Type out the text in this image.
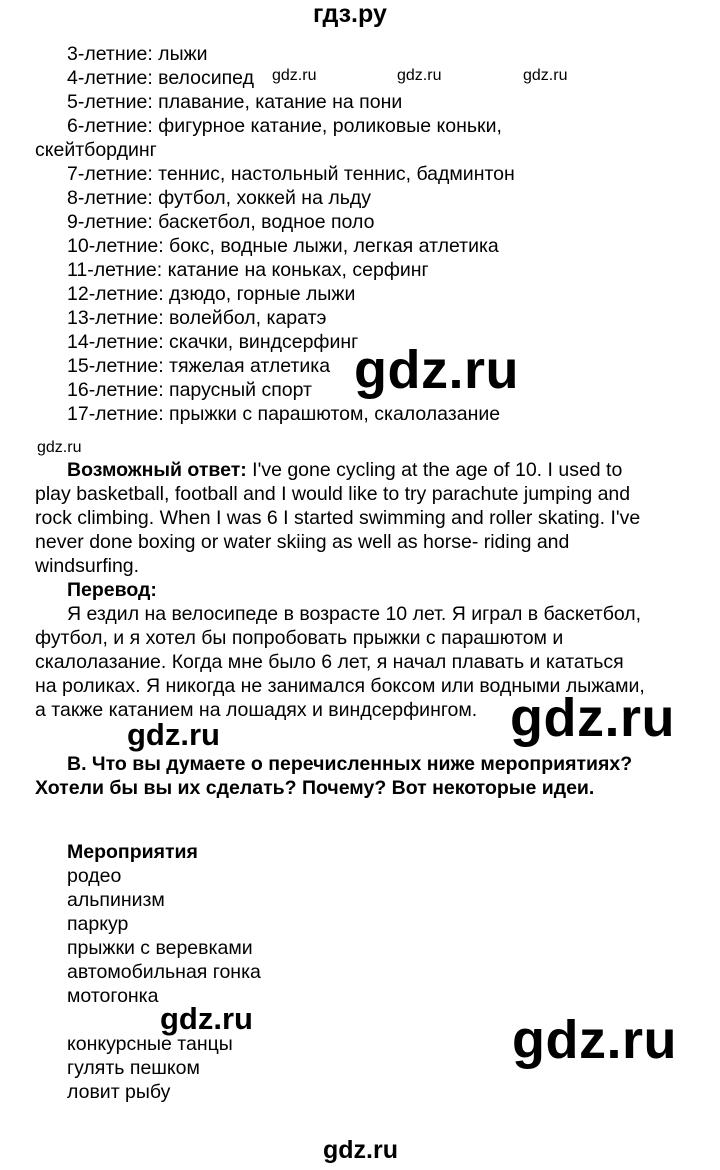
гдз.ру
gdz.ru
3-летние: лыжи
4-летние: велосипед
5-летние: плавание, катание на пони
6-летние: фигурное катание, роликовые коньки,
скейтбординг
7-летние: теннис, настольный теннис, бадминтон
8-летние: футбол, хоккей на льду
9-летние: баскетбол, водное поло
10-летние: бокс, водные лыжи, легкая атлетика
11-летние: катание на коньках, серфинг
12-летние: дзюдо, горные лыжи
13-летние: волейбол, каратэ
14-летние: скачки, виндсерфинг
15-летние: тяжелая атлетика
16-летние: парусный спорт
17-летние: прыжки с парашютом, скалолазание
Возможный ответ: I've gone cycling at the age of 10. I used to
play basketball, football and I would like to try parachute jumping and
rock climbing. When I was 6 I started swimming and roller skating. I've
never done boxing or water skiing as well as horse- riding and
windsurfing.
Перевод:
Я ездил на велосипеде в возрасте 10 лет. Я играл в баскетбол,
футбол, и я хотел бы попробовать прыжки с парашютом и
скалолазание. Когда мне было 6 лет, я начал плавать и кататься
на роликах. Я никогда не занимался боксом или водными лыжами,
а также катанием на лошадях и виндсерфингом.
B. Что вы думаете о перечисленных ниже мероприятиях?
Хотели бы вы их сделать? Почему? Вот некоторые идеи.
Мероприятия
родео
альпинизм
паркур
прыжки с веревками
автомобильная гонка
мотогонка
конкурсные танцы
гулять пешком
ловит рыбу
gdz.ru	gdz.ru	gdz.ru
gdz.ru
gdz.ru
gdz.ru
gdz.ru
gdz.ru	gdz.ru
